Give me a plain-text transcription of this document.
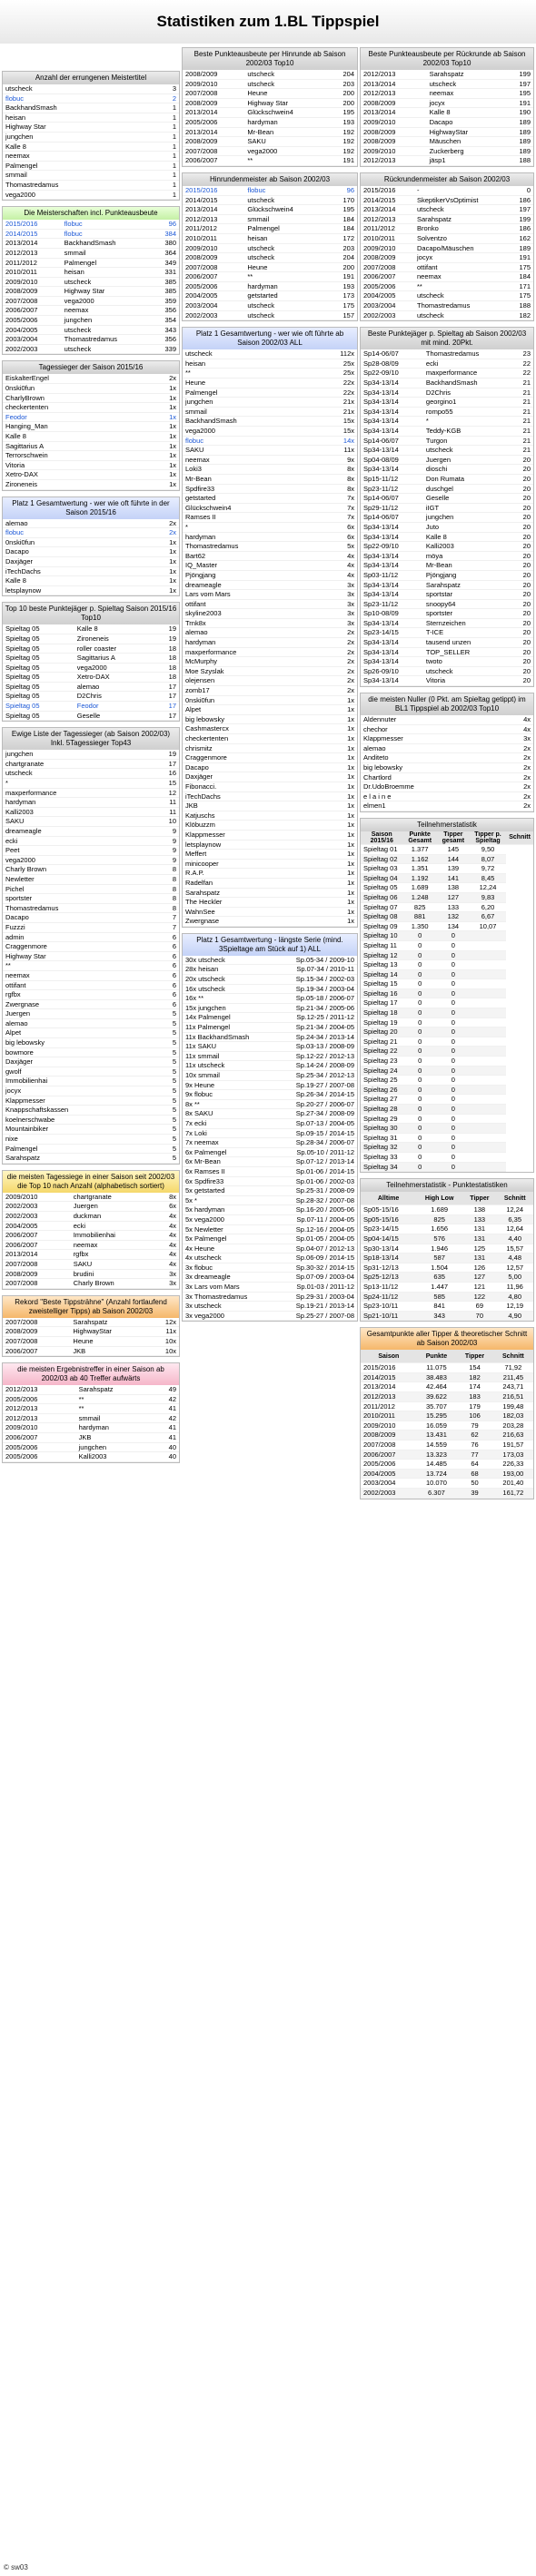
Statistiken zum 1.BL Tippspiel
Anzahl der errungenen Meistertitel
utscheck	3
flobuc	2
BackhandSmash	1
heisan	1
Highway Star	1
jungchen	1
Kalle 8	1
neemax	1
Palmengel	1
smmail	1
Thomastredamus	1
vega2000	1
Die Meisterschaften incl. Punkteausbeute
2015/2016	flobuc	96
2014/2015	flobuc	384
2013/2014	BackhandSmash	380
2012/2013	smmail	364
2011/2012	Palmengel	349
2010/2011	heisan	331
2009/2010	utscheck	385
2008/2009	Highway Star	385
2007/2008	vega2000	359
2006/2007	neemax	356
2005/2006	jungchen	354
2004/2005	utscheck	343
2003/2004	Thomastredamus	356
2002/2003	utscheck	339
Tagessieger der Saison 2015/16
EiskalterEngel	2x
0nski0fun	1x
CharlyBrown	1x
checkertenten	1x
Feodor	1x
Hanging_Man	1x
Kalle 8	1x
Sagittarius A	1x
Terrorschwein	1x
Vitoria	1x
Xetro-DAX	1x
Zironeneis	1x
Platz 1 Gesamtwertung - wer wie oft führte in der Saison 2015/16
alemao	2x
flobuc	2x
0nski0fun	1x
Dacapo	1x
Daxjäger	1x
iTechDachs	1x
Kalle 8	1x
letsplaynow	1x
Top 10 beste Punktejäger p. Spieltag Saison 2015/16 Top10
Spieltag 05	Kalle 8	19
Spieltag 05	Zironeneis	19
Spieltag 05	roller coaster	18
Spieltag 05	Sagittarius A	18
Spieltag 05	vega2000	18
Spieltag 05	Xetro-DAX	18
Spieltag 05	alemao	17
Spieltag 05	D2Chris	17
Spieltag 05	Feodor	17
Spieltag 05	Geselle	17
Ewige Liste der Tagessieger (ab Saison 2002/03) Inkl. 5Tagessieger Top43
jungchen	19
chartgranate	17
utscheck	16
*	15
maxperformance	12
hardyman	11
Kalli2003	11
SAKU	10
dreameagle	9
ecki	9
Peet	9
vega2000	9
Charly Brown	8
Newletter	8
Pichel	8
sportster	8
Thomastredamus	8
Dacapo	7
Fuzzzi	7
admin	6
Craggenmore	6
Highway Star	6
**	6
neemax	6
ottifant	6
rgfbx	6
Zwergnase	6
Juergen	5
alemao	5
Alpet	5
big lebowsky	5
bowmore	5
Daxjäger	5
gwolf	5
Immobilienhai	5
jocyx	5
Klappmesser	5
Knappschaftskassen	5
koelnerschwabe	5
Mountainbiker	5
nixe	5
Palmengel	5
Sarahspatz	5
die meisten Tagessiege in einer Saison seit 2002/03 die Top 10 nach Anzahl (alphabetisch sortiert)
2009/2010	chartgranate	8x
2002/2003	Juergen	6x
2002/2003	duckman	4x
2004/2005	ecki	4x
2006/2007	Immobilienhai	4x
2006/2007	neemax	4x
2013/2014	rgfbx	4x
2007/2008	SAKU	4x
2008/2009	brudini	3x
2007/2008	Charly Brown	3x
Rekord "Beste Tippsträhne" (Anzahl fortlaufend zweistelliger Tipps) ab Saison 2002/03
2007/2008	Sarahspatz	12x
2008/2009	HighwayStar	11x
2007/2008	Heune	10x
2006/2007	JKB	10x
die meisten Ergebnistreffer in einer Saison ab 2002/03 ab 40 Treffer aufwärts
2012/2013	Sarahspatz	49
2005/2006	**	42
2012/2013	**	41
2012/2013	smmail	42
2009/2010	hardyman	41
2006/2007	JKB	41
2005/2006	jungchen	40
2005/2006	Kalli2003	40
Beste Punkteausbeute per Hinrunde ab Saison 2002/03 Top10
2008/2009	utscheck	204
2009/2010	utscheck	203
2007/2008	Heune	200
2008/2009	Highway Star	200
2013/2014	Glückschwein4	195
2005/2006	hardyman	193
2013/2014	Mr-Bean	192
2008/2009	SAKU	192
2007/2008	vega2000	192
2006/2007	**	191
Hinrundenmeister ab Saison 2002/03
2015/2016	flobuc	96
2014/2015	utscheck	170
2013/2014	Glückschwein4	195
2012/2013	smmail	184
2011/2012	Palmengel	184
2010/2011	heisan	172
2009/2010	utscheck	203
2008/2009	utscheck	204
2007/2008	Heune	200
2006/2007	**	191
2005/2006	hardyman	193
2004/2005	getstarted	173
2003/2004	utscheck	175
2002/2003	utscheck	157
Platz 1 Gesamtwertung - wer wie oft führte ab Saison 2002/03 ALL
utscheck	112x
heisan	25x
**	25x
Heune	22x
Palmengel	22x
jungchen	21x
smmail	21x
BackhandSmash	15x
vega2000	15x
flobuc	14x
SAKU	11x
neemax	9x
Loki3	8x
Mr-Bean	8x
Spdfire33	8x
getstarted	7x
Glückschwein4	7x
Ramses II	7x
*	6x
hardyman	6x
Thomastredamus	5x
Bart62	4x
IQ_Master	4x
Pjöngjang	4x
dreameagle	3x
Lars vom Mars	3x
ottifant	3x
skyline2003	3x
Trnk8x	3x
alemao	2x
hardyman	2x
maxperformance	2x
McMurphy	2x
Moe Szyslak	2x
olejensen	2x
zomb17	2x
0nski0fun	1x
Alpet	1x
big lebowsky	1x
Cashmastercx	1x
checkertenten	1x
chrismitz	1x
Craggenmore	1x
Dacapo	1x
Daxjäger	1x
Fibonacci.	1x
iTechDachs	1x
JKB	1x
Katjuschs	1x
Klöbuzzm	1x
Klappmesser	1x
letsplaynow	1x
Meffert	1x
minicooper	1x
R.A.P.	1x
Radelfan	1x
Sarahspatz	1x
The Heckler	1x
WahnSee	1x
Zwergnase	1x
Platz 1 Gesamtwertung - längste Serie (mind. 3Spieltage am Stück auf 1) ALL
30x utscheck	Sp.05-34 / 2009-10
28x heisan	Sp.07-34 / 2010-11
20x utscheck	Sp.15-34 / 2002-03
16x utscheck	Sp.19-34 / 2003-04
16x **	Sp.05-18 / 2006-07
15x jungchen	Sp.21-34 / 2005-06
14x Palmengel	Sp.12-25 / 2011-12
11x Palmengel	Sp.21-34 / 2004-05
11x BackhandSmash	Sp.24-34 / 2013-14
11x SAKU	Sp.03-13 / 2008-09
11x smmail	Sp.12-22 / 2012-13
11x utscheck	Sp.14-24 / 2008-09
10x smmail	Sp.25-34 / 2012-13
9x Heune	Sp.19-27 / 2007-08
9x flobuc	Sp.26-34 / 2014-15
8x **	Sp.20-27 / 2006-07
8x SAKU	Sp.27-34 / 2008-09
7x ecki	Sp.07-13 / 2004-05
7x Loki	Sp.09-15 / 2014-15
7x neemax	Sp.28-34 / 2006-07
6x Palmengel	Sp.05-10 / 2011-12
6x Mr-Bean	Sp.07-12 / 2013-14
6x Ramses II	Sp.01-06 / 2014-15
6x Spdfire33	Sp.01-06 / 2002-03
5x getstarted	Sp.25-31 / 2008-09
5x *	Sp.28-32 / 2007-08
5x hardyman	Sp.16-20 / 2005-06
5x vega2000	Sp.07-11 / 2004-05
5x Newletter	Sp.12-16 / 2004-05
5x Palmengel	Sp.01-05 / 2004-05
4x Heune	Sp.04-07 / 2012-13
4x utscheck	Sp.06-09 / 2014-15
3x flobuc	Sp.30-32 / 2014-15
3x dreameagle	Sp.07-09 / 2003-04
3x Lars vom Mars	Sp.01-03 / 2011-12
3x Thomastredamus	Sp.29-31 / 2003-04
3x utscheck	Sp.19-21 / 2013-14
3x vega2000	Sp.25-27 / 2007-08
Beste Punkteausbeute per Rückrunde ab Saison 2002/03 Top10
2012/2013	Sarahspatz	199
2013/2014	utscheck	197
2012/2013	neemax	195
2008/2009	jocyx	191
2013/2014	Kalle 8	190
2009/2010	Dacapo	189
2008/2009	HighwayStar	189
2008/2009	Mäuschen	189
2009/2010	Zuckerberg	189
2012/2013	jäsp1	188
Rückrundenmeister ab Saison 2002/03
2015/2016	-	0
2014/2015	SkeptikerVsOptimist	186
2013/2014	utscheck	197
2012/2013	Sarahspatz	199
2011/2012	Bronko	186
2010/2011	Solventzo	162
2009/2010	Dacapo/Mäuschen	189
2008/2009	jocyx	191
2007/2008	ottifant	175
2006/2007	neemax	184
2005/2006	**	171
2004/2005	utscheck	175
2003/2004	Thomastredamus	188
2002/2003	utscheck	182
Beste Punktejäger p. Spieltag ab Saison 2002/03 mit mind. 20Pkt.
Sp14-06/07	Thomastredamus	23
Sp28-08/09	ecki	22
Sp22-09/10	maxperformance	22
Sp34-13/14	BackhandSmash	21
Sp34-13/14	D2Chris	21
Sp34-13/14	georgino1	21
Sp34-13/14	rompo55	21
Sp34-13/14	*	21
Sp34-13/14	Teddy-KGB	21
Sp14-06/07	Turgon	21
Sp34-13/14	utscheck	21
Sp04-08/09	Juergen	20
Sp34-13/14	dioschi	20
Sp15-11/12	Don Rumata	20
Sp23-11/12	duschgel	20
Sp14-06/07	Geselle	20
Sp29-11/12	iIGT	20
Sp14-06/07	jungchen	20
Sp34-13/14	Juto	20
Sp34-13/14	Kalle 8	20
Sp22-09/10	Kalli2003	20
Sp34-13/14	möya	20
Sp34-13/14	Mr-Bean	20
Sp03-11/12	Pjöngjang	20
Sp34-13/14	Sarahspatz	20
Sp34-13/14	sportstar	20
Sp23-11/12	snoopy64	20
Sp10-08/09	sportster	20
Sp34-13/14	Sternzeichen	20
Sp23-14/15	T-ICE	20
Sp34-13/14	tausend unzen	20
Sp34-13/14	TOP_SELLER	20
Sp34-13/14	twoto	20
Sp26-09/10	utscheck	20
Sp34-13/14	Vitoria	20
die meisten Nuller (0 Pkt. am Spieltag getippt) im BL1 Tippspiel ab 2002/03 Top10
Aldennuter	4x
chechor	4x
Klappmesser	3x
alemao	2x
Anditeto	2x
big lebowsky	2x
Chartlord	2x
Dr.UdoBroemme	2x
e l a i n e	2x
elmen1	2x
Teilnehmerstatistik
Saison 2015/16	Punkte Gesamt	Tipper gesamt	Tipper p. Spieltag	Schnitt
Spieltag 01	1.377	145	9,50	
Spieltag 02	1.162	144	8,07	
Spieltag 03	1.351	139	9,72	
Spieltag 04	1.192	141	8,45	
Spieltag 05	1.689	138	12,24	
Spieltag 06	1.248	127	9,83	
Spieltag 07	825	133	6,20	
Spieltag 08	881	132	6,67	
Spieltag 09	1.350	134	10,07	
Spieltag 10	0	0		
Spieltag 11	0	0		
Spieltag 12	0	0		
Spieltag 13	0	0		
Spieltag 14	0	0		
Spieltag 15	0	0		
Spieltag 16	0	0		
Spieltag 17	0	0		
Spieltag 18	0	0		
Spieltag 19	0	0		
Spieltag 20	0	0		
Spieltag 21	0	0		
Spieltag 22	0	0		
Spieltag 23	0	0		
Spieltag 24	0	0		
Spieltag 25	0	0		
Spieltag 26	0	0		
Spieltag 27	0	0		
Spieltag 28	0	0		
Spieltag 29	0	0		
Spieltag 30	0	0		
Spieltag 31	0	0		
Spieltag 32	0	0		
Spieltag 33	0	0		
Spieltag 34	0	0		
Teilnehmerstatistik - Punktestatistiken
Alltime	High Low	Tipper	Schnitt
Sp05-15/16	1.689	138	12,24
Sp05-15/16	825	133	6,35
Sp23-14/15	1.656	131	12,64
Sp04-14/15	576	131	4,40
Sp30-13/14	1.946	125	15,57
Sp18-13/14	587	131	4,48
Sp31-12/13	1.504	126	12,57
Sp25-12/13	635	127	5,00
Sp13-11/12	1.447	121	11,96
Sp24-11/12	585	122	4,80
Sp23-10/11	841	69	12,19
Sp21-10/11	343	70	4,90
Gesamtpunkte aller Tipper & theoretischer Schnitt ab Saison 2002/03
Saison	Punkte	Tipper	Schnitt
2015/2016	11.075	154	71,92
2014/2015	38.483	182	211,45
2013/2014	42.464	174	243,71
2012/2013	39.622	183	216,51
2011/2012	35.707	179	199,48
2010/2011	15.295	106	182,03
2009/2010	16.059	79	203,28
2008/2009	13.431	62	216,63
2007/2008	14.559	76	191,57
2006/2007	13.323	77	173,03
2005/2006	14.485	64	226,33
2004/2005	13.724	68	193,00
2003/2004	10.070	50	201,40
2002/2003	6.307	39	161,72
© sw03
